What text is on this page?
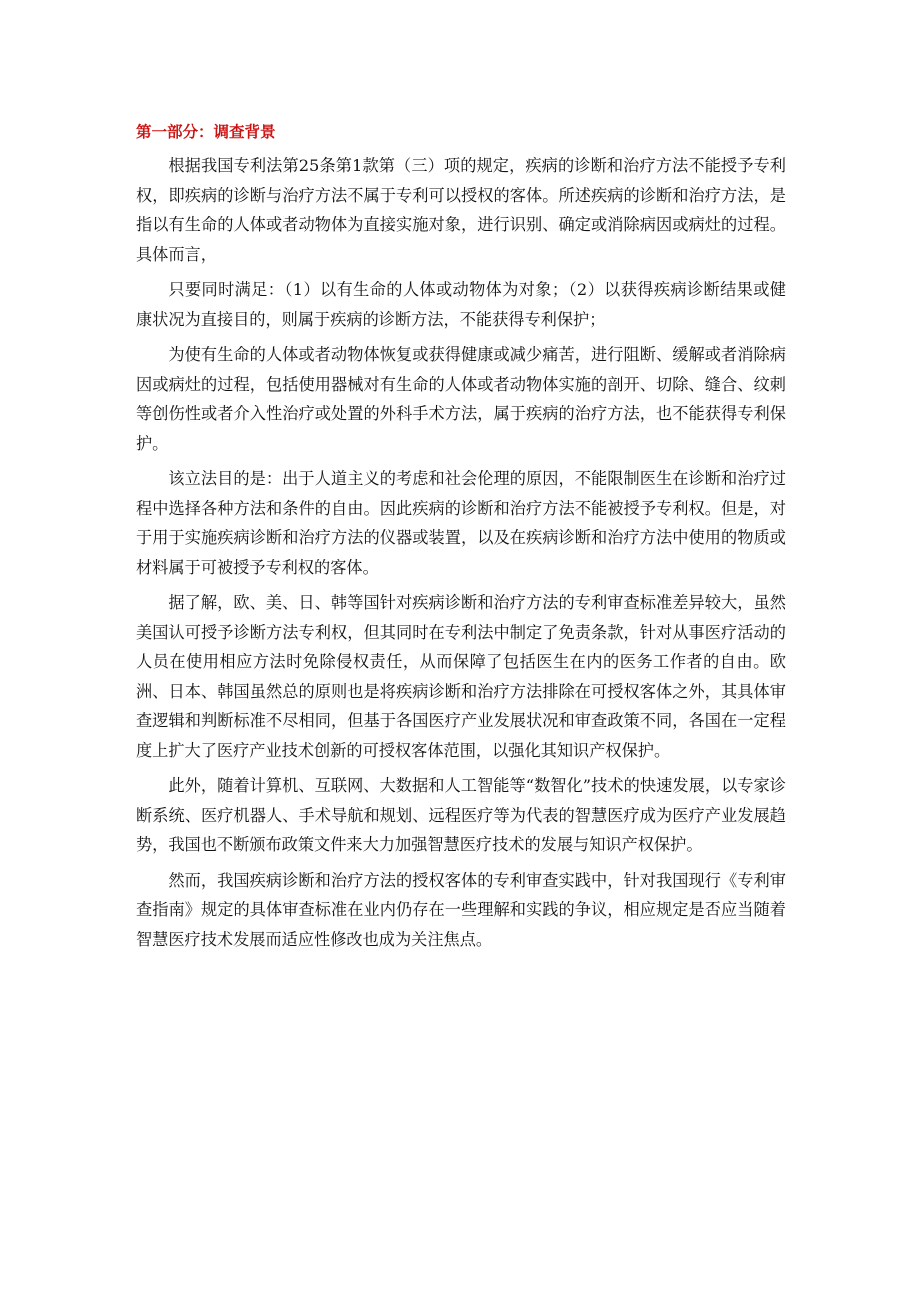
第一部分：调查背景

根据我国专利法第25条第1款第（三）项的规定，疾病的诊断和治疗方法不能授予专利权，即疾病的诊断与治疗方法不属于专利可以授权的客体。所述疾病的诊断和治疗方法，是指以有生命的人体或者动物体为直接实施对象，进行识别、确定或消除病因或病灶的过程。具体而言，

只要同时满足：（1）以有生命的人体或动物体为对象；（2）以获得疾病诊断结果或健康状况为直接目的，则属于疾病的诊断方法，不能获得专利保护；

为使有生命的人体或者动物体恢复或获得健康或减少痛苦，进行阻断、缓解或者消除病因或病灶的过程，包括使用器械对有生命的人体或者动物体实施的剖开、切除、缝合、纹刺等创伤性或者介入性治疗或处置的外科手术方法，属于疾病的治疗方法，也不能获得专利保护。

该立法目的是：出于人道主义的考虑和社会伦理的原因，不能限制医生在诊断和治疗过程中选择各种方法和条件的自由。因此疾病的诊断和治疗方法不能被授予专利权。但是，对于用于实施疾病诊断和治疗方法的仪器或装置，以及在疾病诊断和治疗方法中使用的物质或材料属于可被授予专利权的客体。

据了解，欧、美、日、韩等国针对疾病诊断和治疗方法的专利审查标准差异较大，虽然美国认可授予诊断方法专利权，但其同时在专利法中制定了免责条款，针对从事医疗活动的人员在使用相应方法时免除侵权责任，从而保障了包括医生在内的医务工作者的自由。欧洲、日本、韩国虽然总的原则也是将疾病诊断和治疗方法排除在可授权客体之外，其具体审查逻辑和判断标准不尽相同，但基于各国医疗产业发展状况和审查政策不同，各国在一定程度上扩大了医疗产业技术创新的可授权客体范围，以强化其知识产权保护。

此外，随着计算机、互联网、大数据和人工智能等“数智化”技术的快速发展，以专家诊断系统、医疗机器人、手术导航和规划、远程医疗等为代表的智慧医疗成为医疗产业发展趋势，我国也不断颁布政策文件来大力加强智慧医疗技术的发展与知识产权保护。

然而，我国疾病诊断和治疗方法的授权客体的专利审查实践中，针对我国现行《专利审查指南》规定的具体审查标准在业内仍存在一些理解和实践的争议，相应规定是否应当随着智慧医疗技术发展而适应性修改也成为关注焦点。
